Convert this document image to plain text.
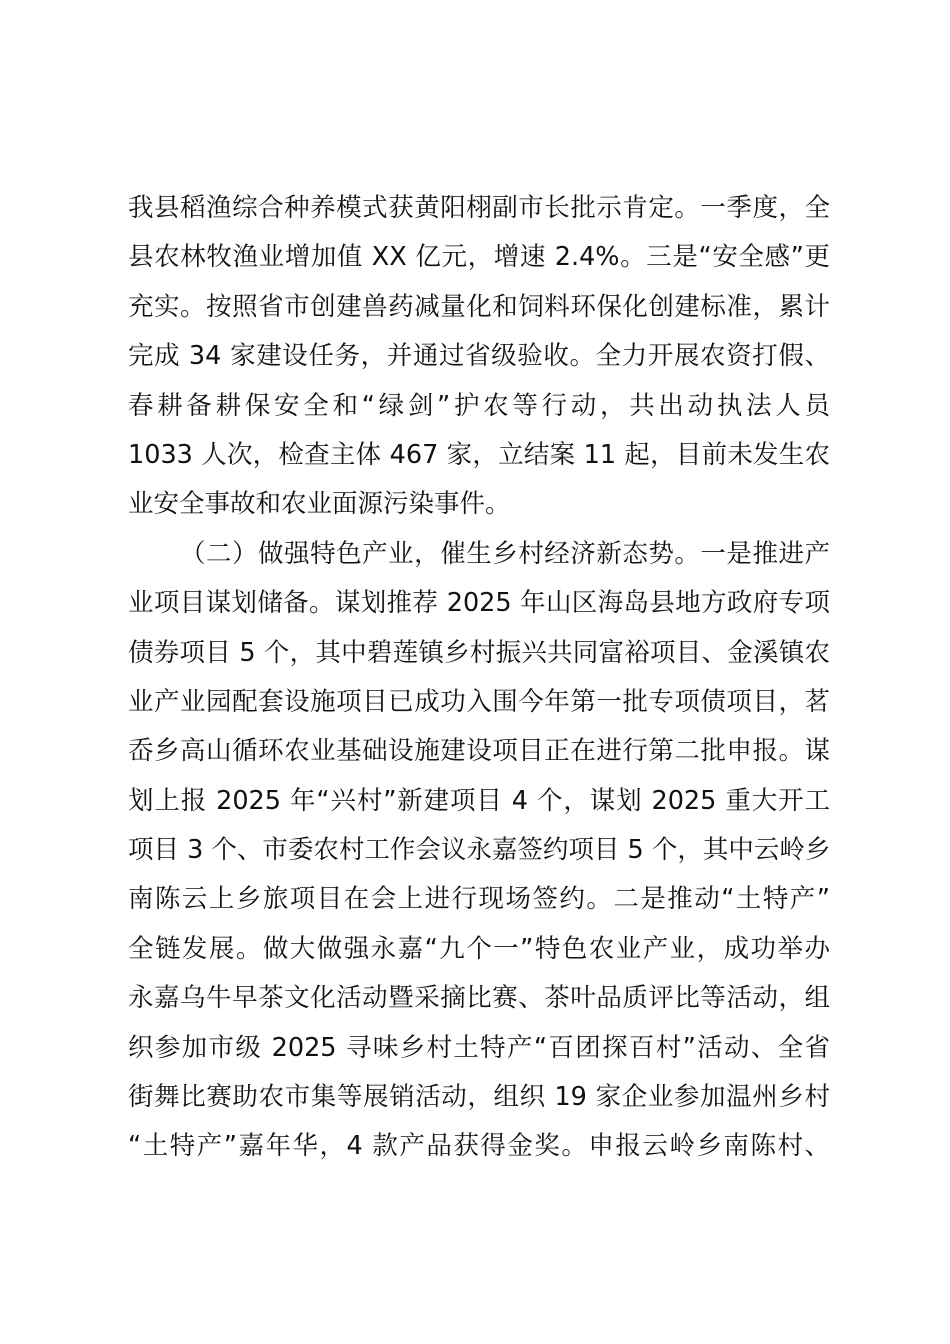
我县稻渔综合种养模式获黄阳栩副市长批示肯定。一季度，全
县农林牧渔业增加值 XX 亿元，增速 2.4%。三是“安全感”更
充实。按照省市创建兽药减量化和饲料环保化创建标准，累计
完成 34 家建设任务，并通过省级验收。全力开展农资打假、
春耕备耕保安全和“绿剑”护农等行动，共出动执法人员
1033 人次，检查主体 467 家，立结案 11 起，目前未发生农
业安全事故和农业面源污染事件。
（二）做强特色产业，催生乡村经济新态势。一是推进产
业项目谋划储备。谋划推荐 2025 年山区海岛县地方政府专项
债券项目 5 个，其中碧莲镇乡村振兴共同富裕项目、金溪镇农
业产业园配套设施项目已成功入围今年第一批专项债项目，茗
岙乡高山循环农业基础设施建设项目正在进行第二批申报。谋
划上报 2025 年“兴村”新建项目 4 个，谋划 2025 重大开工
项目 3 个、市委农村工作会议永嘉签约项目 5 个，其中云岭乡
南陈云上乡旅项目在会上进行现场签约。二是推动“土特产”
全链发展。做大做强永嘉“九个一”特色农业产业，成功举办
永嘉乌牛早茶文化活动暨采摘比赛、茶叶品质评比等活动，组
织参加市级 2025 寻味乡村土特产“百团探百村”活动、全省
街舞比赛助农市集等展销活动，组织 19 家企业参加温州乡村
“土特产”嘉年华，4 款产品获得金奖。申报云岭乡南陈村、
